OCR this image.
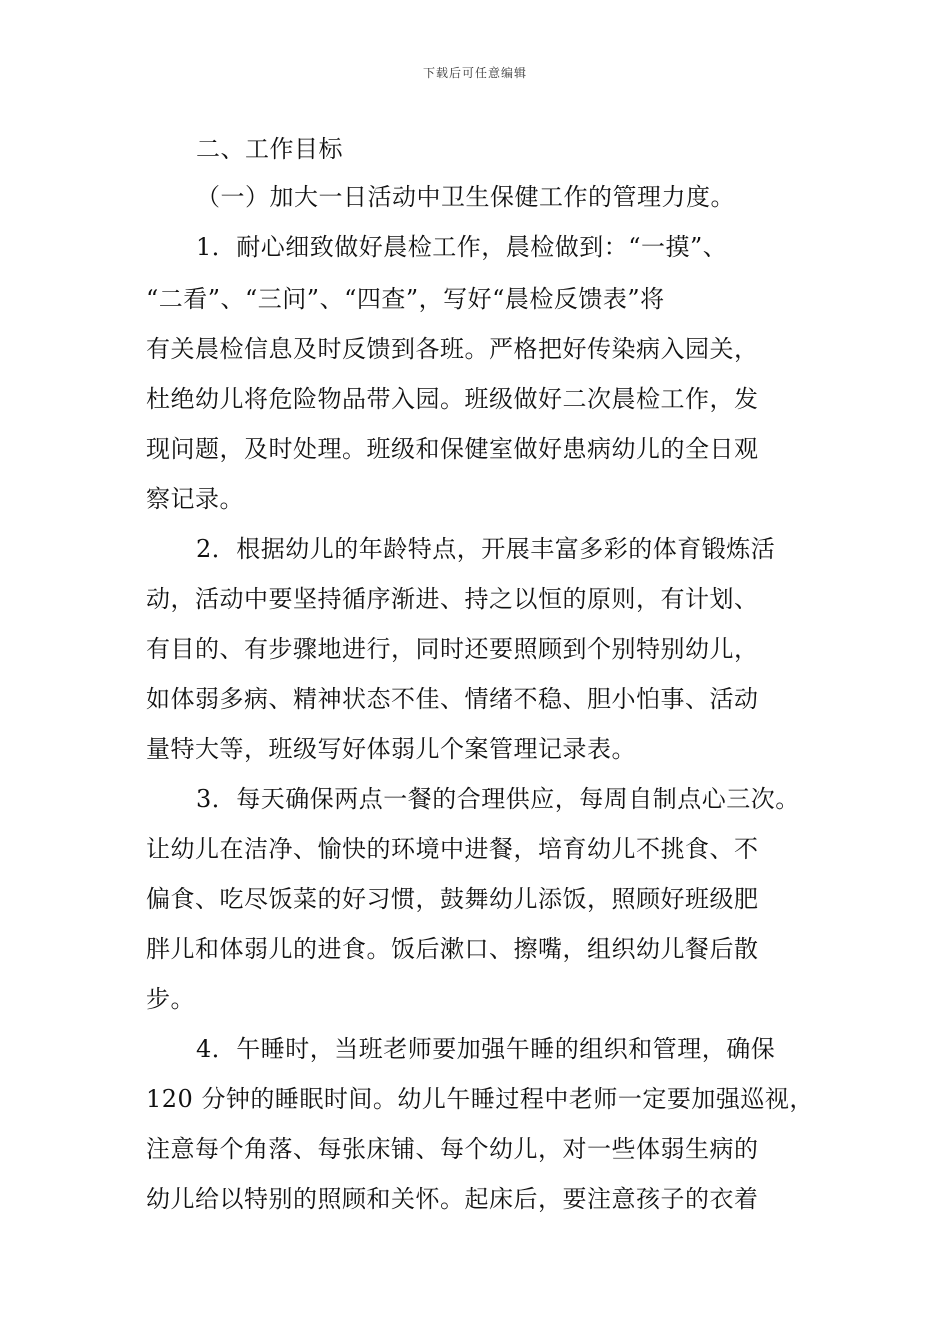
下载后可任意编辑
二、工作目标
（一）加大一日活动中卫生保健工作的管理力度。
1．耐心细致做好晨检工作，晨检做到：“一摸”、
“二看”、“三问”、“四查”，写好“晨检反馈表”将
有关晨检信息及时反馈到各班。严格把好传染病入园关，
杜绝幼儿将危险物品带入园。班级做好二次晨检工作，发
现问题，及时处理。班级和保健室做好患病幼儿的全日观
察记录。
2．根据幼儿的年龄特点，开展丰富多彩的体育锻炼活
动，活动中要坚持循序渐进、持之以恒的原则，有计划、
有目的、有步骤地进行，同时还要照顾到个别特别幼儿，
如体弱多病、精神状态不佳、情绪不稳、胆小怕事、活动
量特大等，班级写好体弱儿个案管理记录表。
3．每天确保两点一餐的合理供应，每周自制点心三次。
让幼儿在洁净、愉快的环境中进餐，培育幼儿不挑食、不
偏食、吃尽饭菜的好习惯，鼓舞幼儿添饭，照顾好班级肥
胖儿和体弱儿的进食。饭后漱口、擦嘴，组织幼儿餐后散
步。
4．午睡时，当班老师要加强午睡的组织和管理，确保
120 分钟的睡眠时间。幼儿午睡过程中老师一定要加强巡视，
注意每个角落、每张床铺、每个幼儿，对一些体弱生病的
幼儿给以特别的照顾和关怀。起床后，要注意孩子的衣着
